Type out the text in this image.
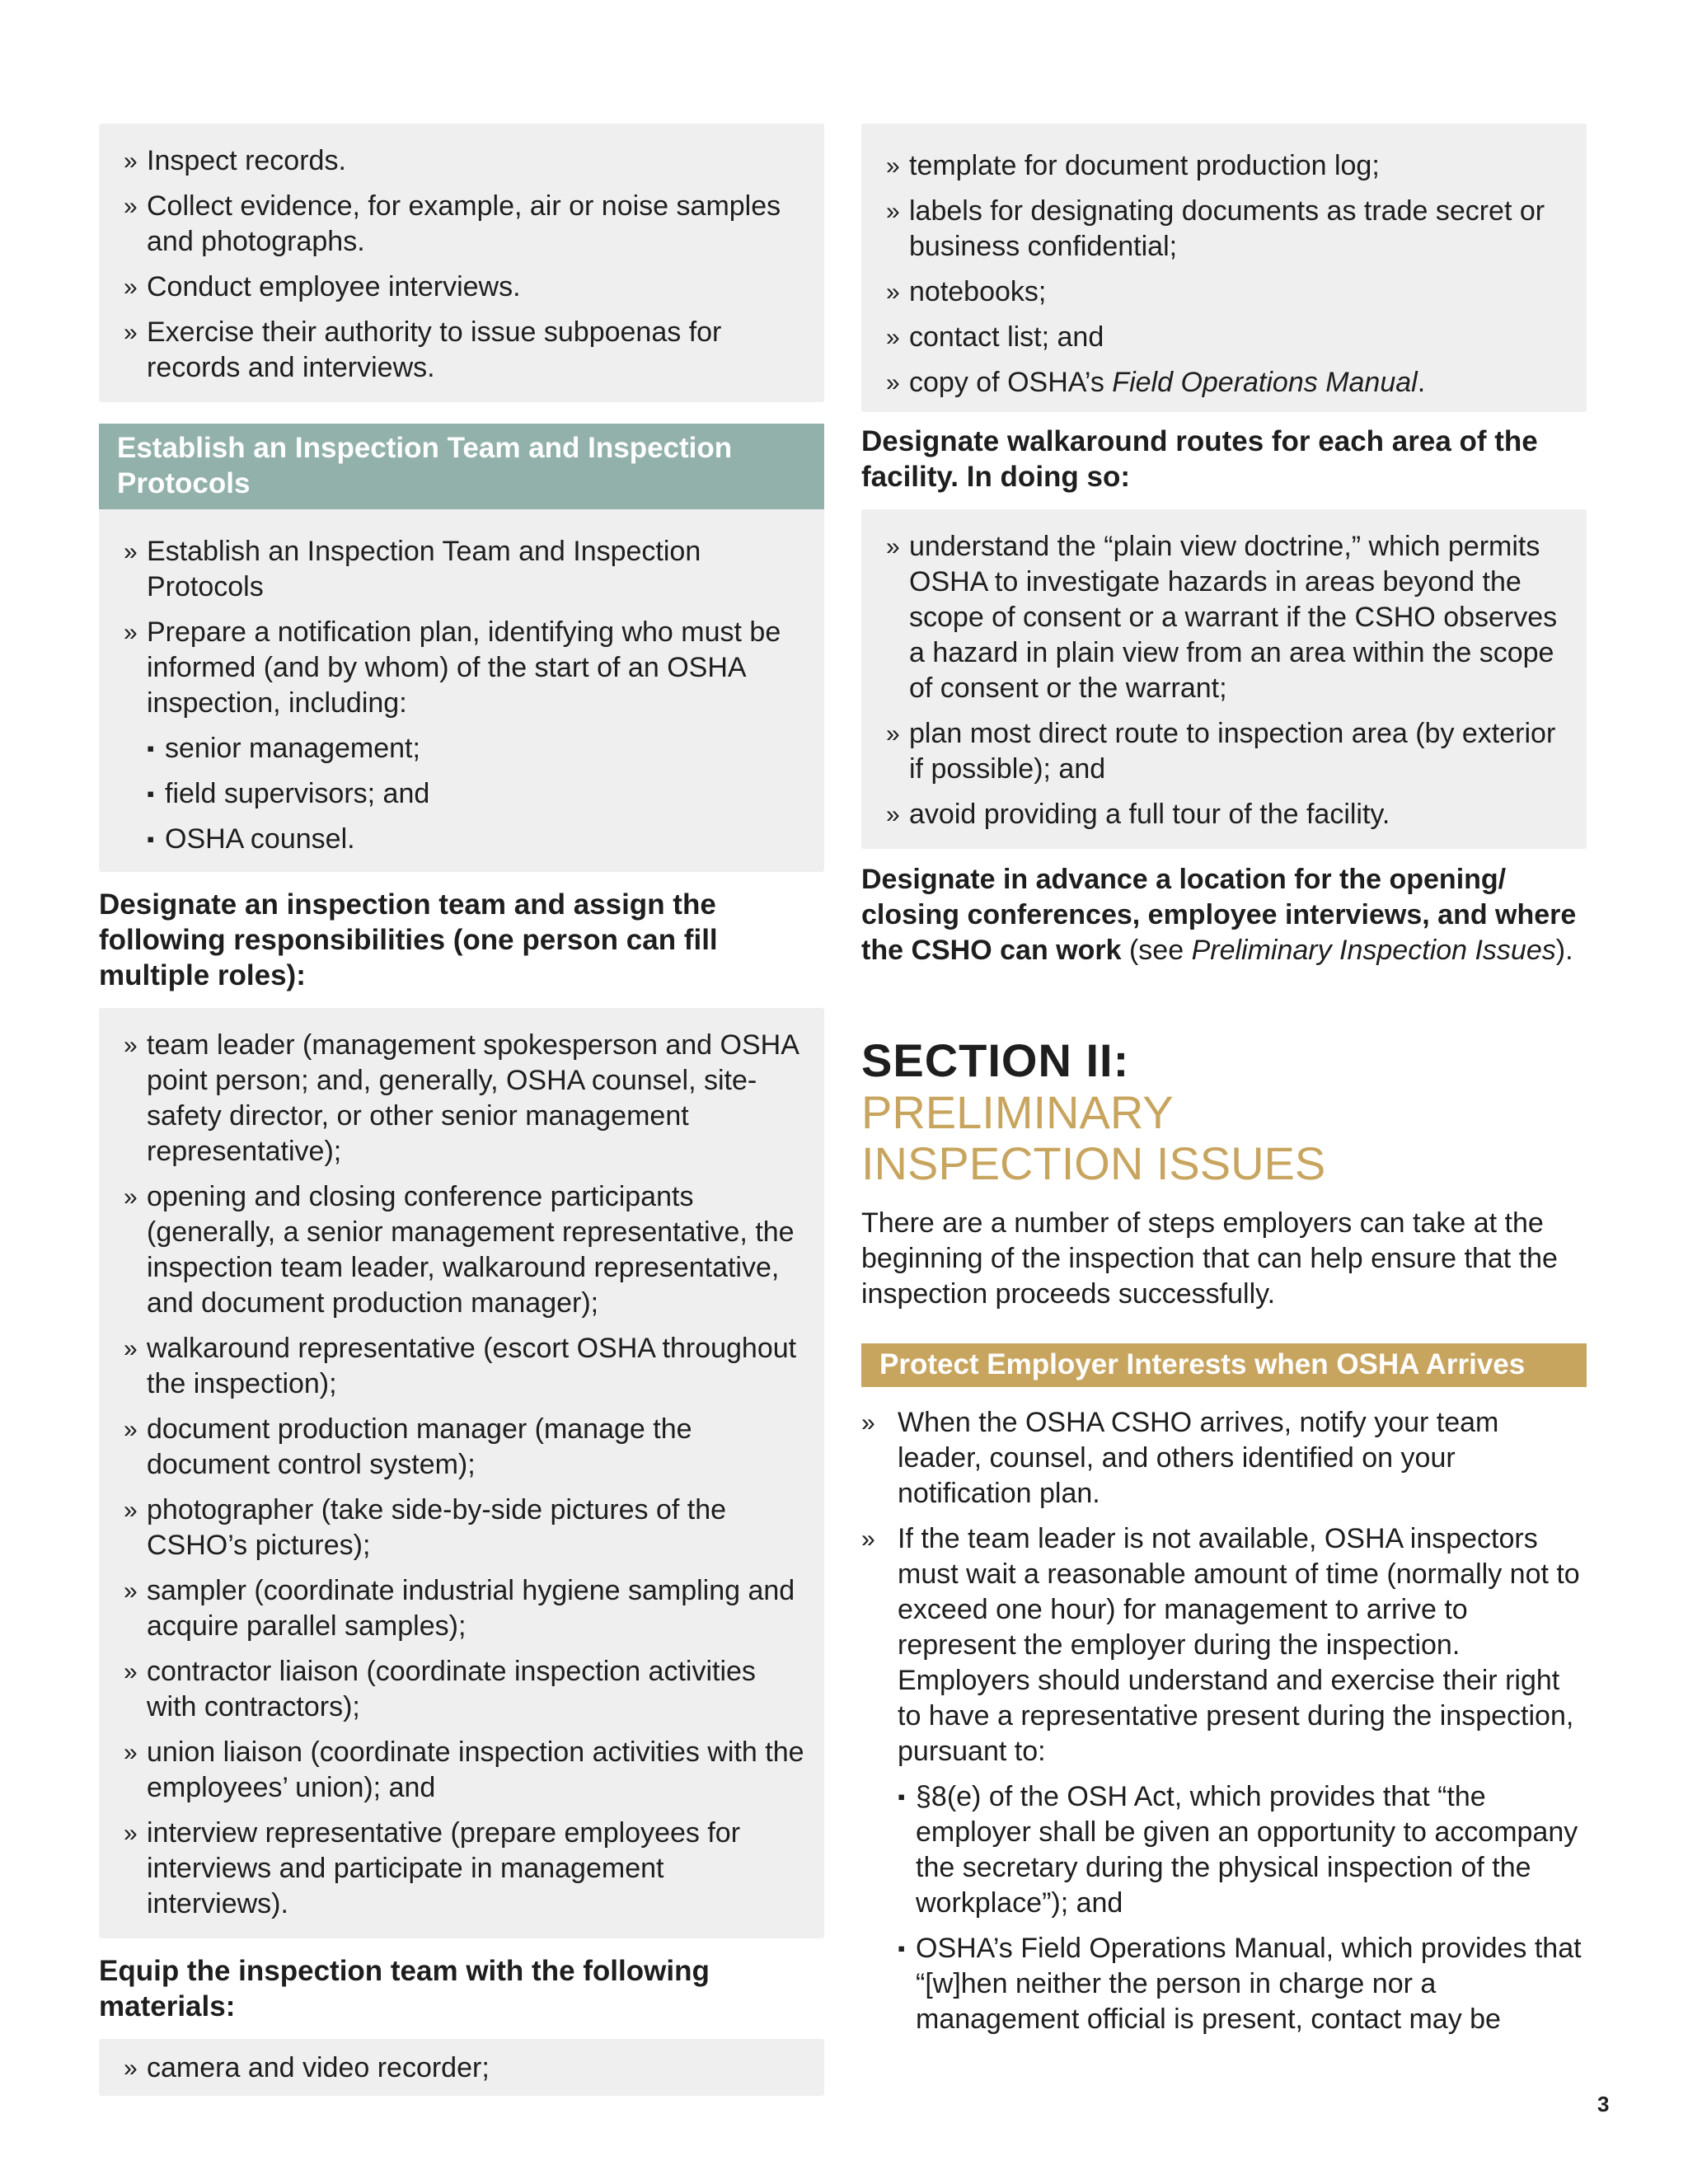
» Inspect records.
» Collect evidence, for example, air or noise samples and photographs.
» Conduct employee interviews.
» Exercise their authority to issue subpoenas for records and interviews.
Establish an Inspection Team and Inspection Protocols
» Establish an Inspection Team and Inspection Protocols
» Prepare a notification plan, identifying who must be informed (and by whom) of the start of an OSHA inspection, including:
▪ senior management;
▪ field supervisors; and
▪ OSHA counsel.

Designate an inspection team and assign the following responsibilities (one person can fill multiple roles):

» team leader (management spokesperson and OSHA point person; and, generally, OSHA counsel, site-safety director, or other senior management representative);
» opening and closing conference participants (generally, a senior management representative, the inspection team leader, walkaround representative, and document production manager);
» walkaround representative (escort OSHA throughout the inspection);
» document production manager (manage the document control system);
» photographer (take side-by-side pictures of the CSHO’s pictures);
» sampler (coordinate industrial hygiene sampling and acquire parallel samples);
» contractor liaison (coordinate inspection activities with contractors);
» union liaison (coordinate inspection activities with the employees’ union); and
» interview representative (prepare employees for interviews and participate in management interviews).

Equip the inspection team with the following materials:

» camera and video recorder;
» template for document production log;
» labels for designating documents as trade secret or business confidential;
» notebooks;
» contact list; and
» copy of OSHA’s Field Operations Manual.

Designate walkaround routes for each area of the facility. In doing so:

» understand the “plain view doctrine,” which permits OSHA to investigate hazards in areas beyond the scope of consent or a warrant if the CSHO observes a hazard in plain view from an area within the scope of consent or the warrant;
» plan most direct route to inspection area (by exterior if possible); and
» avoid providing a full tour of the facility.

Designate in advance a location for the opening/ closing conferences, employee interviews, and where the CSHO can work (see Preliminary Inspection Issues).

SECTION II:

PRELIMINARY

INSPECTION ISSUES

There are a number of steps employers can take at the beginning of the inspection that can help ensure that the inspection proceeds successfully.

Protect Employer Interests when OSHA Arrives
» When the OSHA CSHO arrives, notify your team leader, counsel, and others identified on your notification plan.
» If the team leader is not available, OSHA inspectors must wait a reasonable amount of time (normally not to exceed one hour) for management to arrive to represent the employer during the inspection. Employers should understand and exercise their right to have a representative present during the inspection, pursuant to:
▪ §8(e) of the OSH Act, which provides that “the employer shall be given an opportunity to accompany the secretary during the physical inspection of the workplace”); and
▪ OSHA’s Field Operations Manual, which provides that “[w]hen neither the person in charge nor a management official is present, contact may be
3
